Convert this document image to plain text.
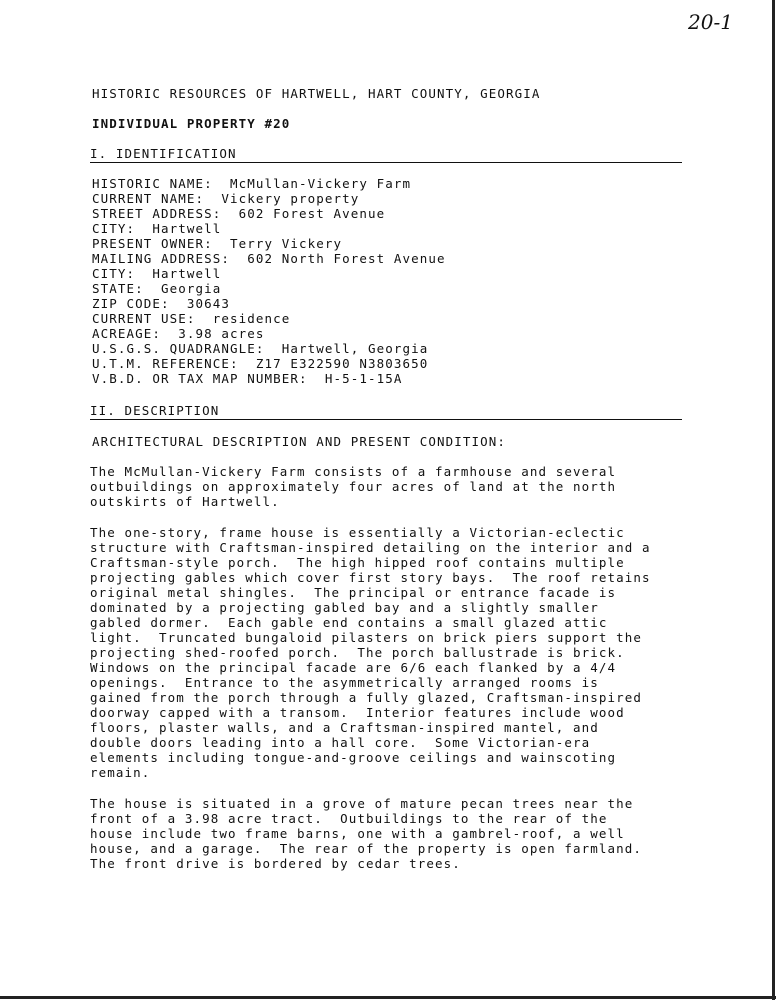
20-1
HISTORIC RESOURCES OF HARTWELL, HART COUNTY, GEORGIA
INDIVIDUAL PROPERTY #20
I. IDENTIFICATION
HISTORIC NAME:  McMullan-Vickery Farm
CURRENT NAME:  Vickery property
STREET ADDRESS:  602 Forest Avenue
CITY:  Hartwell
PRESENT OWNER:  Terry Vickery
MAILING ADDRESS:  602 North Forest Avenue
CITY:  Hartwell
STATE:  Georgia
ZIP CODE:  30643
CURRENT USE:  residence
ACREAGE:  3.98 acres
U.S.G.S. QUADRANGLE:  Hartwell, Georgia
U.T.M. REFERENCE:  Z17 E322590 N3803650
V.B.D. OR TAX MAP NUMBER:  H-5-1-15A
II. DESCRIPTION
ARCHITECTURAL DESCRIPTION AND PRESENT CONDITION:

The McMullan-Vickery Farm consists of a farmhouse and several
outbuildings on approximately four acres of land at the north
outskirts of Hartwell.

The one-story, frame house is essentially a Victorian-eclectic
structure with Craftsman-inspired detailing on the interior and a
Craftsman-style porch.  The high hipped roof contains multiple
projecting gables which cover first story bays.  The roof retains
original metal shingles.  The principal or entrance facade is
dominated by a projecting gabled bay and a slightly smaller
gabled dormer.  Each gable end contains a small glazed attic
light.  Truncated bungaloid pilasters on brick piers support the
projecting shed-roofed porch.  The porch ballustrade is brick.
Windows on the principal facade are 6/6 each flanked by a 4/4
openings.  Entrance to the asymmetrically arranged rooms is
gained from the porch through a fully glazed, Craftsman-inspired
doorway capped with a transom.  Interior features include wood
floors, plaster walls, and a Craftsman-inspired mantel, and
double doors leading into a hall core.  Some Victorian-era
elements including tongue-and-groove ceilings and wainscoting
remain.

The house is situated in a grove of mature pecan trees near the
front of a 3.98 acre tract.  Outbuildings to the rear of the
house include two frame barns, one with a gambrel-roof, a well
house, and a garage.  The rear of the property is open farmland.
The front drive is bordered by cedar trees.
